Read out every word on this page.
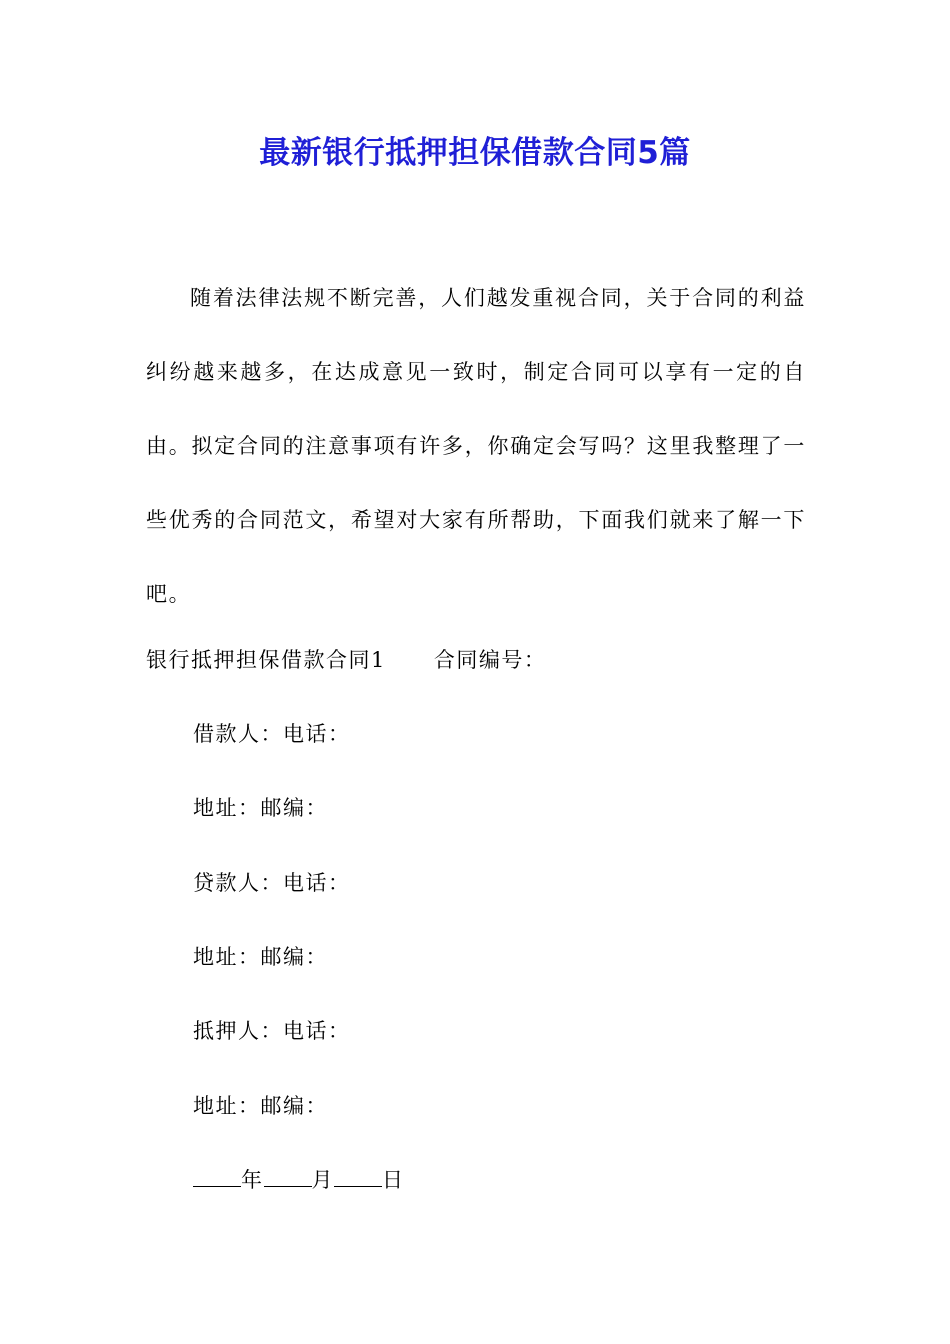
最新银行抵押担保借款合同5篇

随着法律法规不断完善，人们越发重视合同，关于合同的利益纠纷越来越多，在达成意见一致时，制定合同可以享有一定的自由。拟定合同的注意事项有许多，你确定会写吗？这里我整理了一些优秀的合同范文，希望对大家有所帮助，下面我们就来了解一下吧。

银行抵押担保借款合同1 合同编号：
借款人：电话：
地址：邮编：
贷款人：电话：
地址：邮编：
抵押人：电话：
地址：邮编：
年 月 日
